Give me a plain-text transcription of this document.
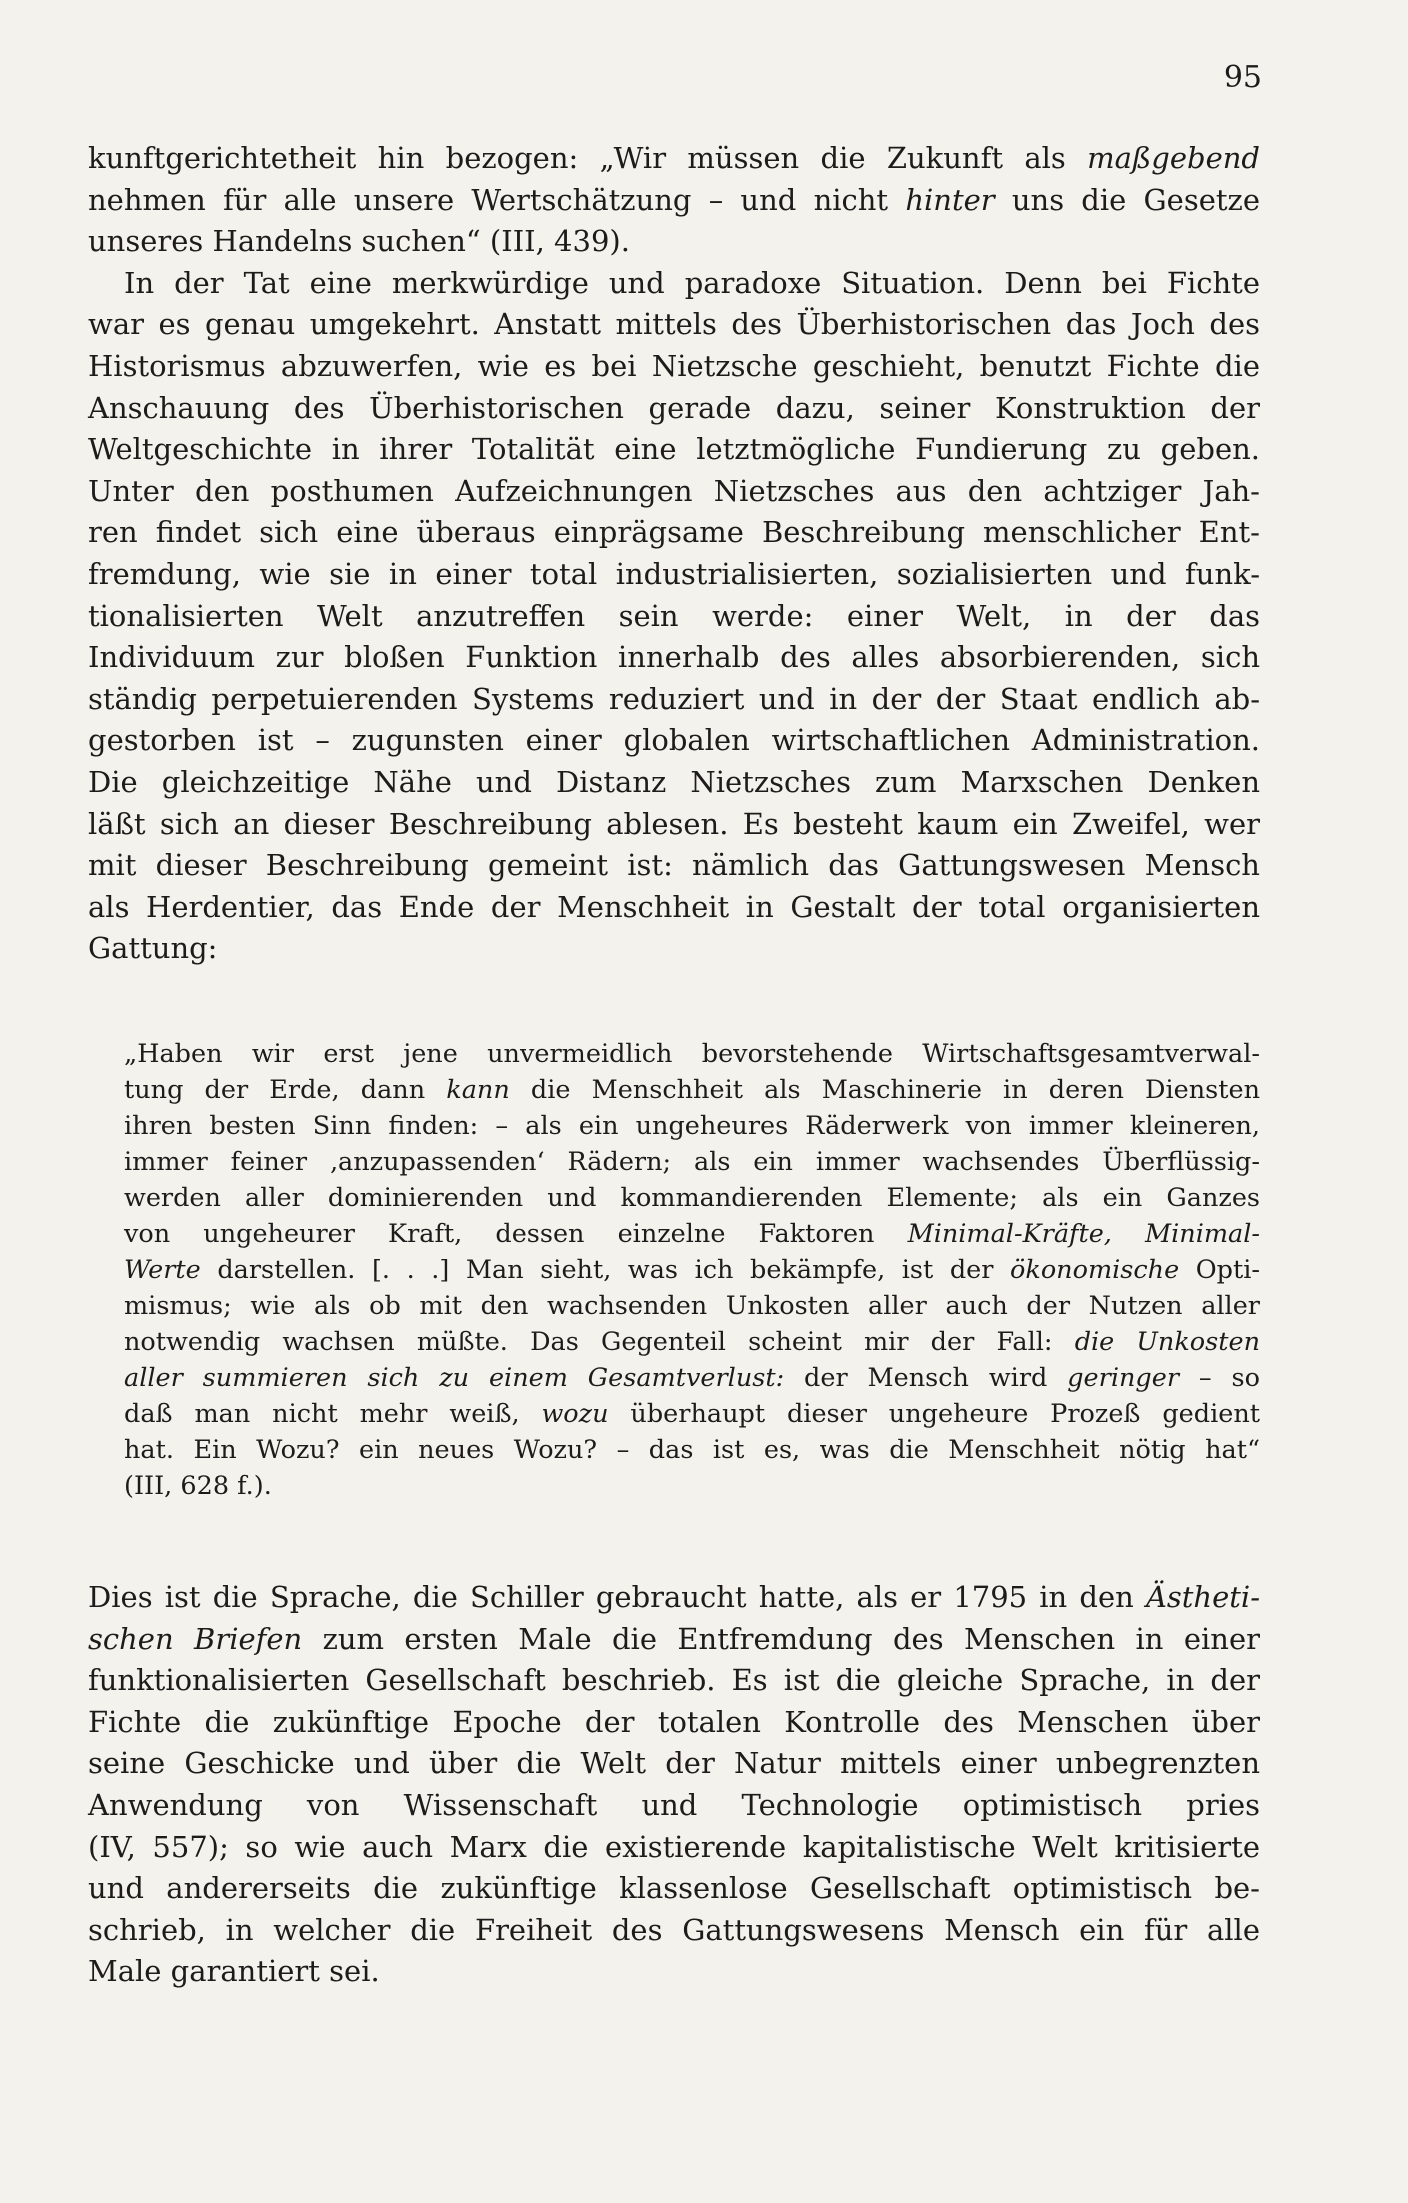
95
kunftgerichtetheit hin bezogen: „Wir müssen die Zukunft als maßgebend
nehmen für alle unsere Wertschätzung – und nicht hinter uns die Gesetze
unseres Handelns suchen“ (III, 439).
In der Tat eine merkwürdige und paradoxe Situation. Denn bei Fichte
war es genau umgekehrt. Anstatt mittels des Überhistorischen das Joch des
Historismus abzuwerfen, wie es bei Nietzsche geschieht, benutzt Fichte die
Anschauung des Überhistorischen gerade dazu, seiner Konstruktion der
Weltgeschichte in ihrer Totalität eine letztmögliche Fundierung zu geben.
Unter den posthumen Aufzeichnungen Nietzsches aus den achtziger Jah-
ren findet sich eine überaus einprägsame Beschreibung menschlicher Ent-
fremdung, wie sie in einer total industrialisierten, sozialisierten und funk-
tionalisierten Welt anzutreffen sein werde: einer Welt, in der das
Individuum zur bloßen Funktion innerhalb des alles absorbierenden, sich
ständig perpetuierenden Systems reduziert und in der der Staat endlich ab-
gestorben ist – zugunsten einer globalen wirtschaftlichen Administration.
Die gleichzeitige Nähe und Distanz Nietzsches zum Marxschen Denken
läßt sich an dieser Beschreibung ablesen. Es besteht kaum ein Zweifel, wer
mit dieser Beschreibung gemeint ist: nämlich das Gattungswesen Mensch
als Herdentier, das Ende der Menschheit in Gestalt der total organisierten
Gattung:
„Haben wir erst jene unvermeidlich bevorstehende Wirtschaftsgesamtverwal-
tung der Erde, dann kann die Menschheit als Maschinerie in deren Diensten
ihren besten Sinn finden: – als ein ungeheures Räderwerk von immer kleineren,
immer feiner ‚anzupassenden‘ Rädern; als ein immer wachsendes Überflüssig-
werden aller dominierenden und kommandierenden Elemente; als ein Ganzes
von ungeheurer Kraft, dessen einzelne Faktoren Minimal-Kräfte, Minimal-
Werte darstellen. [. . .] Man sieht, was ich bekämpfe, ist der ökonomische Opti-
mismus; wie als ob mit den wachsenden Unkosten aller auch der Nutzen aller
notwendig wachsen müßte. Das Gegenteil scheint mir der Fall: die Unkosten
aller summieren sich zu einem Gesamtverlust: der Mensch wird geringer – so
daß man nicht mehr weiß, wozu überhaupt dieser ungeheure Prozeß gedient
hat. Ein Wozu? ein neues Wozu? – das ist es, was die Menschheit nötig hat“
(III, 628 f.).
Dies ist die Sprache, die Schiller gebraucht hatte, als er 1795 in den Ästheti-
schen Briefen zum ersten Male die Entfremdung des Menschen in einer
funktionalisierten Gesellschaft beschrieb. Es ist die gleiche Sprache, in der
Fichte die zukünftige Epoche der totalen Kontrolle des Menschen über
seine Geschicke und über die Welt der Natur mittels einer unbegrenzten
Anwendung von Wissenschaft und Technologie optimistisch pries
(IV, 557); so wie auch Marx die existierende kapitalistische Welt kritisierte
und andererseits die zukünftige klassenlose Gesellschaft optimistisch be-
schrieb, in welcher die Freiheit des Gattungswesens Mensch ein für alle
Male garantiert sei.
